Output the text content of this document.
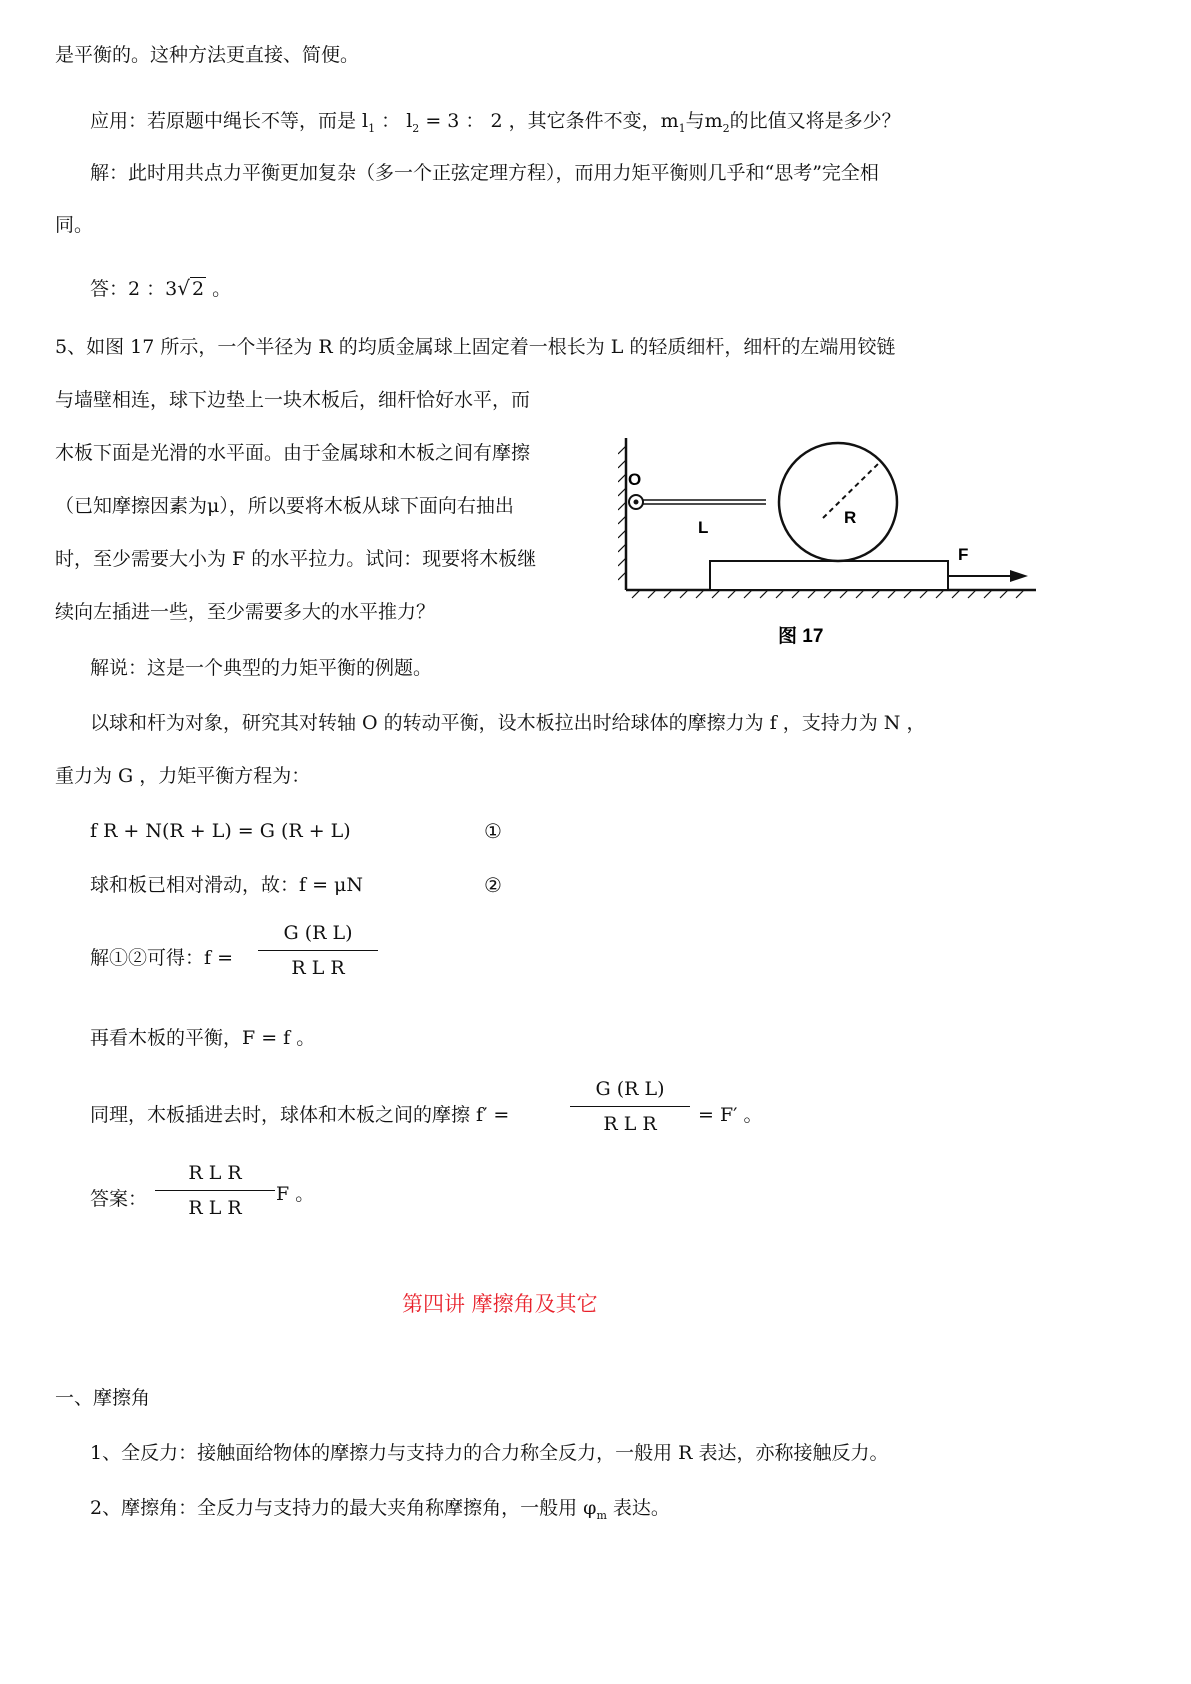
是平衡的。这种方法更直接、简便。
应用：若原题中绳长不等，而是 $l_1$ ： $l_2 = 3$ ： 2 ，其它条件不变，$m_1$与$m_2$的比值又将是多少？
解：此时用共点力平衡更加复杂（多一个正弦定理方程），而用力矩平衡则几乎和“思考”完全相
同。
答：2 ：3√ 2 。
5、如图 17 所示，一个半径为 R 的均质金属球上固定着一根长为 L 的轻质细杆，细杆的左端用铰链
与墙壁相连，球下边垫上一块木板后，细杆恰好水平，而
木板下面是光滑的水平面。由于金属球和木板之间有摩擦
（已知摩擦因素为μ），所以要将木板从球下面向右抽出
时，至少需要大小为 F 的水平拉力。试问：现要将木板继
续向左插进一些，至少需要多大的水平推力？
O
L
R
F
图 17
解说：这是一个典型的力矩平衡的例题。
以球和杆为对象，研究其对转轴 O 的转动平衡，设木板拉出时给球体的摩擦力为 f ，支持力为 N ，
重力为 G ，力矩平衡方程为：
f R + N(R + L) = G (R + L)	①
球和板已相对滑动，故：f = μN	②
解①②可得：$f = \frac{\text{G (R L)}}{\text{R L R}}$
再看木板的平衡，F = f 。
同理，木板插进去时，球体和木板之间的摩擦 f′ =	$\frac{\text{G (R L)}}{\text{R L R}} = F'$ 。
答案： $\frac{\text{R L R}}{\text{R L R}}$ F 。
第四讲 摩擦角及其它
一、摩擦角
1、全反力：接触面给物体的摩擦力与支持力的合力称全反力，一般用 R 表达，亦称接触反力。
2、摩擦角：全反力与支持力的最大夹角称摩擦角，一般用 $\varphi_m$ 表达。
